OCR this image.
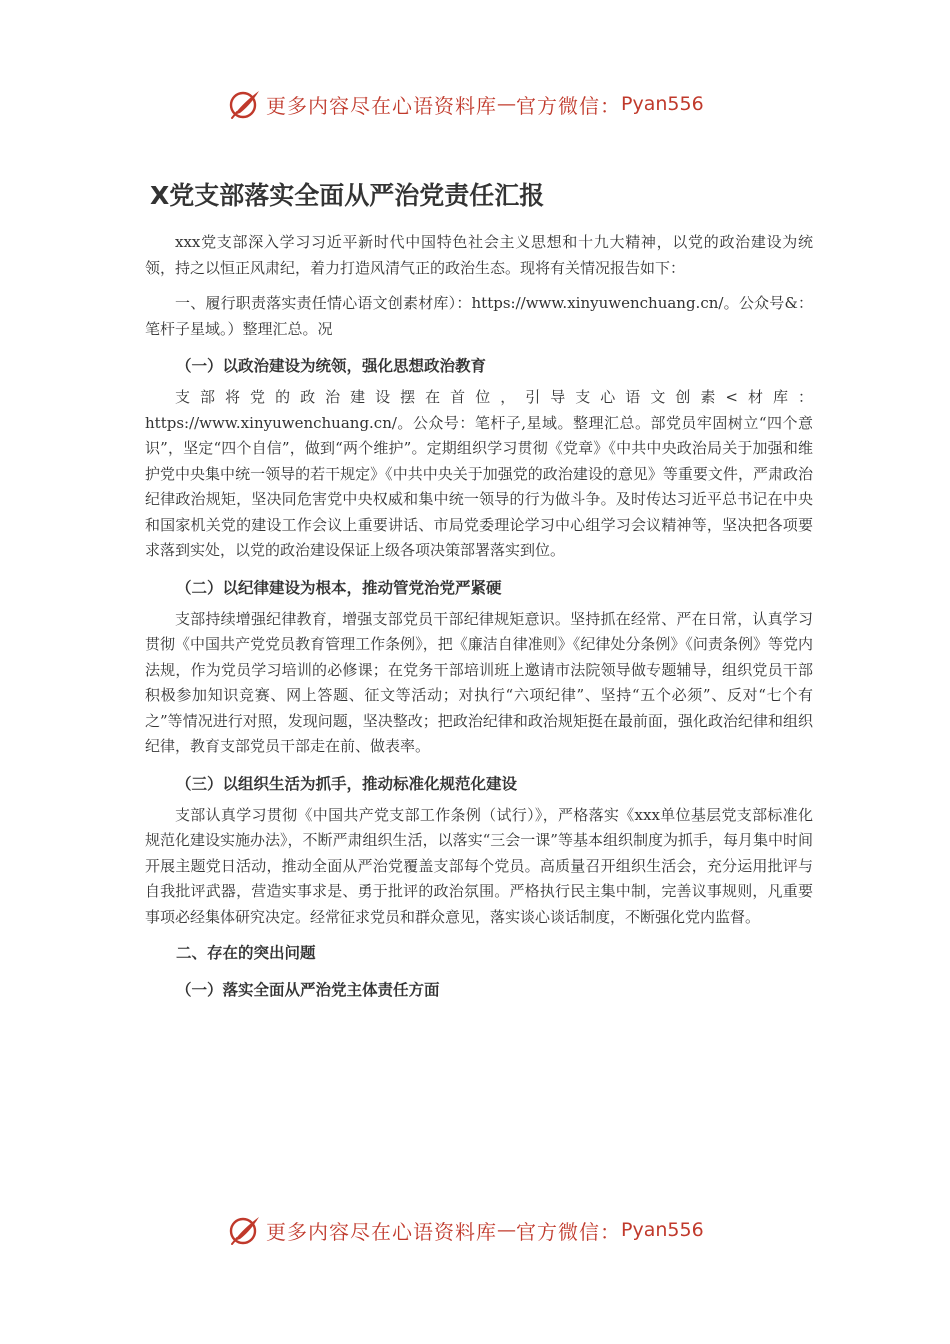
更多内容尽在心语资料库 — 官方微信： Pyan556
X党支部落实全面从严治党责任汇报

xxx党支部深入学习习近平新时代中国特色社会主义思想和十九大精神，以党的政治建设为统领，持之以恒正风肃纪，着力打造风清气正的政治生态。现将有关情况报告如下：

一、履行职责落实责任情心语文创素材库）：https://www.xinyuwenchuang.cn/。公众号&：笔杆子星域。）整理汇总。况

（一）以政治建设为统领，强化思想政治教育

支部将党的政治建设摆在首位，引导支心语文创素<材库：https://www.xinyuwenchuang.cn/。公众号：笔杆子,星域。整理汇总。部党员牢固树立“四个意识”，坚定“四个自信”，做到“两个维护”。定期组织学习贯彻《党章》《中共中央政治局关于加强和维护党中央集中统一领导的若干规定》《中共中央关于加强党的政治建设的意见》等重要文件，严肃政治纪律政治规矩，坚决同危害党中央权威和集中统一领导的行为做斗争。及时传达习近平总书记在中央和国家机关党的建设工作会议上重要讲话、市局党委理论学习中心组学习会议精神等，坚决把各项要求落到实处，以党的政治建设保证上级各项决策部署落实到位。

（二）以纪律建设为根本，推动管党治党严紧硬

支部持续增强纪律教育，增强支部党员干部纪律规矩意识。坚持抓在经常、严在日常，认真学习贯彻《中国共产党党员教育管理工作条例》，把《廉洁自律准则》《纪律处分条例》《问责条例》等党内法规，作为党员学习培训的必修课；在党务干部培训班上邀请市法院领导做专题辅导，组织党员干部积极参加知识竞赛、网上答题、征文等活动；对执行“六项纪律”、坚持“五个必须”、反对“七个有之”等情况进行对照，发现问题，坚决整改；把政治纪律和政治规矩挺在最前面，强化政治纪律和组织纪律，教育支部党员干部走在前、做表率。

（三）以组织生活为抓手，推动标准化规范化建设

支部认真学习贯彻《中国共产党支部工作条例（试行）》，严格落实《xxx单位基层党支部标准化规范化建设实施办法》，不断严肃组织生活，以落实“三会一课”等基本组织制度为抓手，每月集中时间开展主题党日活动，推动全面从严治党覆盖支部每个党员。高质量召开组织生活会，充分运用批评与自我批评武器，营造实事求是、勇于批评的政治氛围。严格执行民主集中制，完善议事规则，凡重要事项必经集体研究决定。经常征求党员和群众意见，落实谈心谈话制度，不断强化党内监督。

二、存在的突出问题

（一）落实全面从严治党主体责任方面

更多内容尽在心语资料库 — 官方微信： Pyan556
